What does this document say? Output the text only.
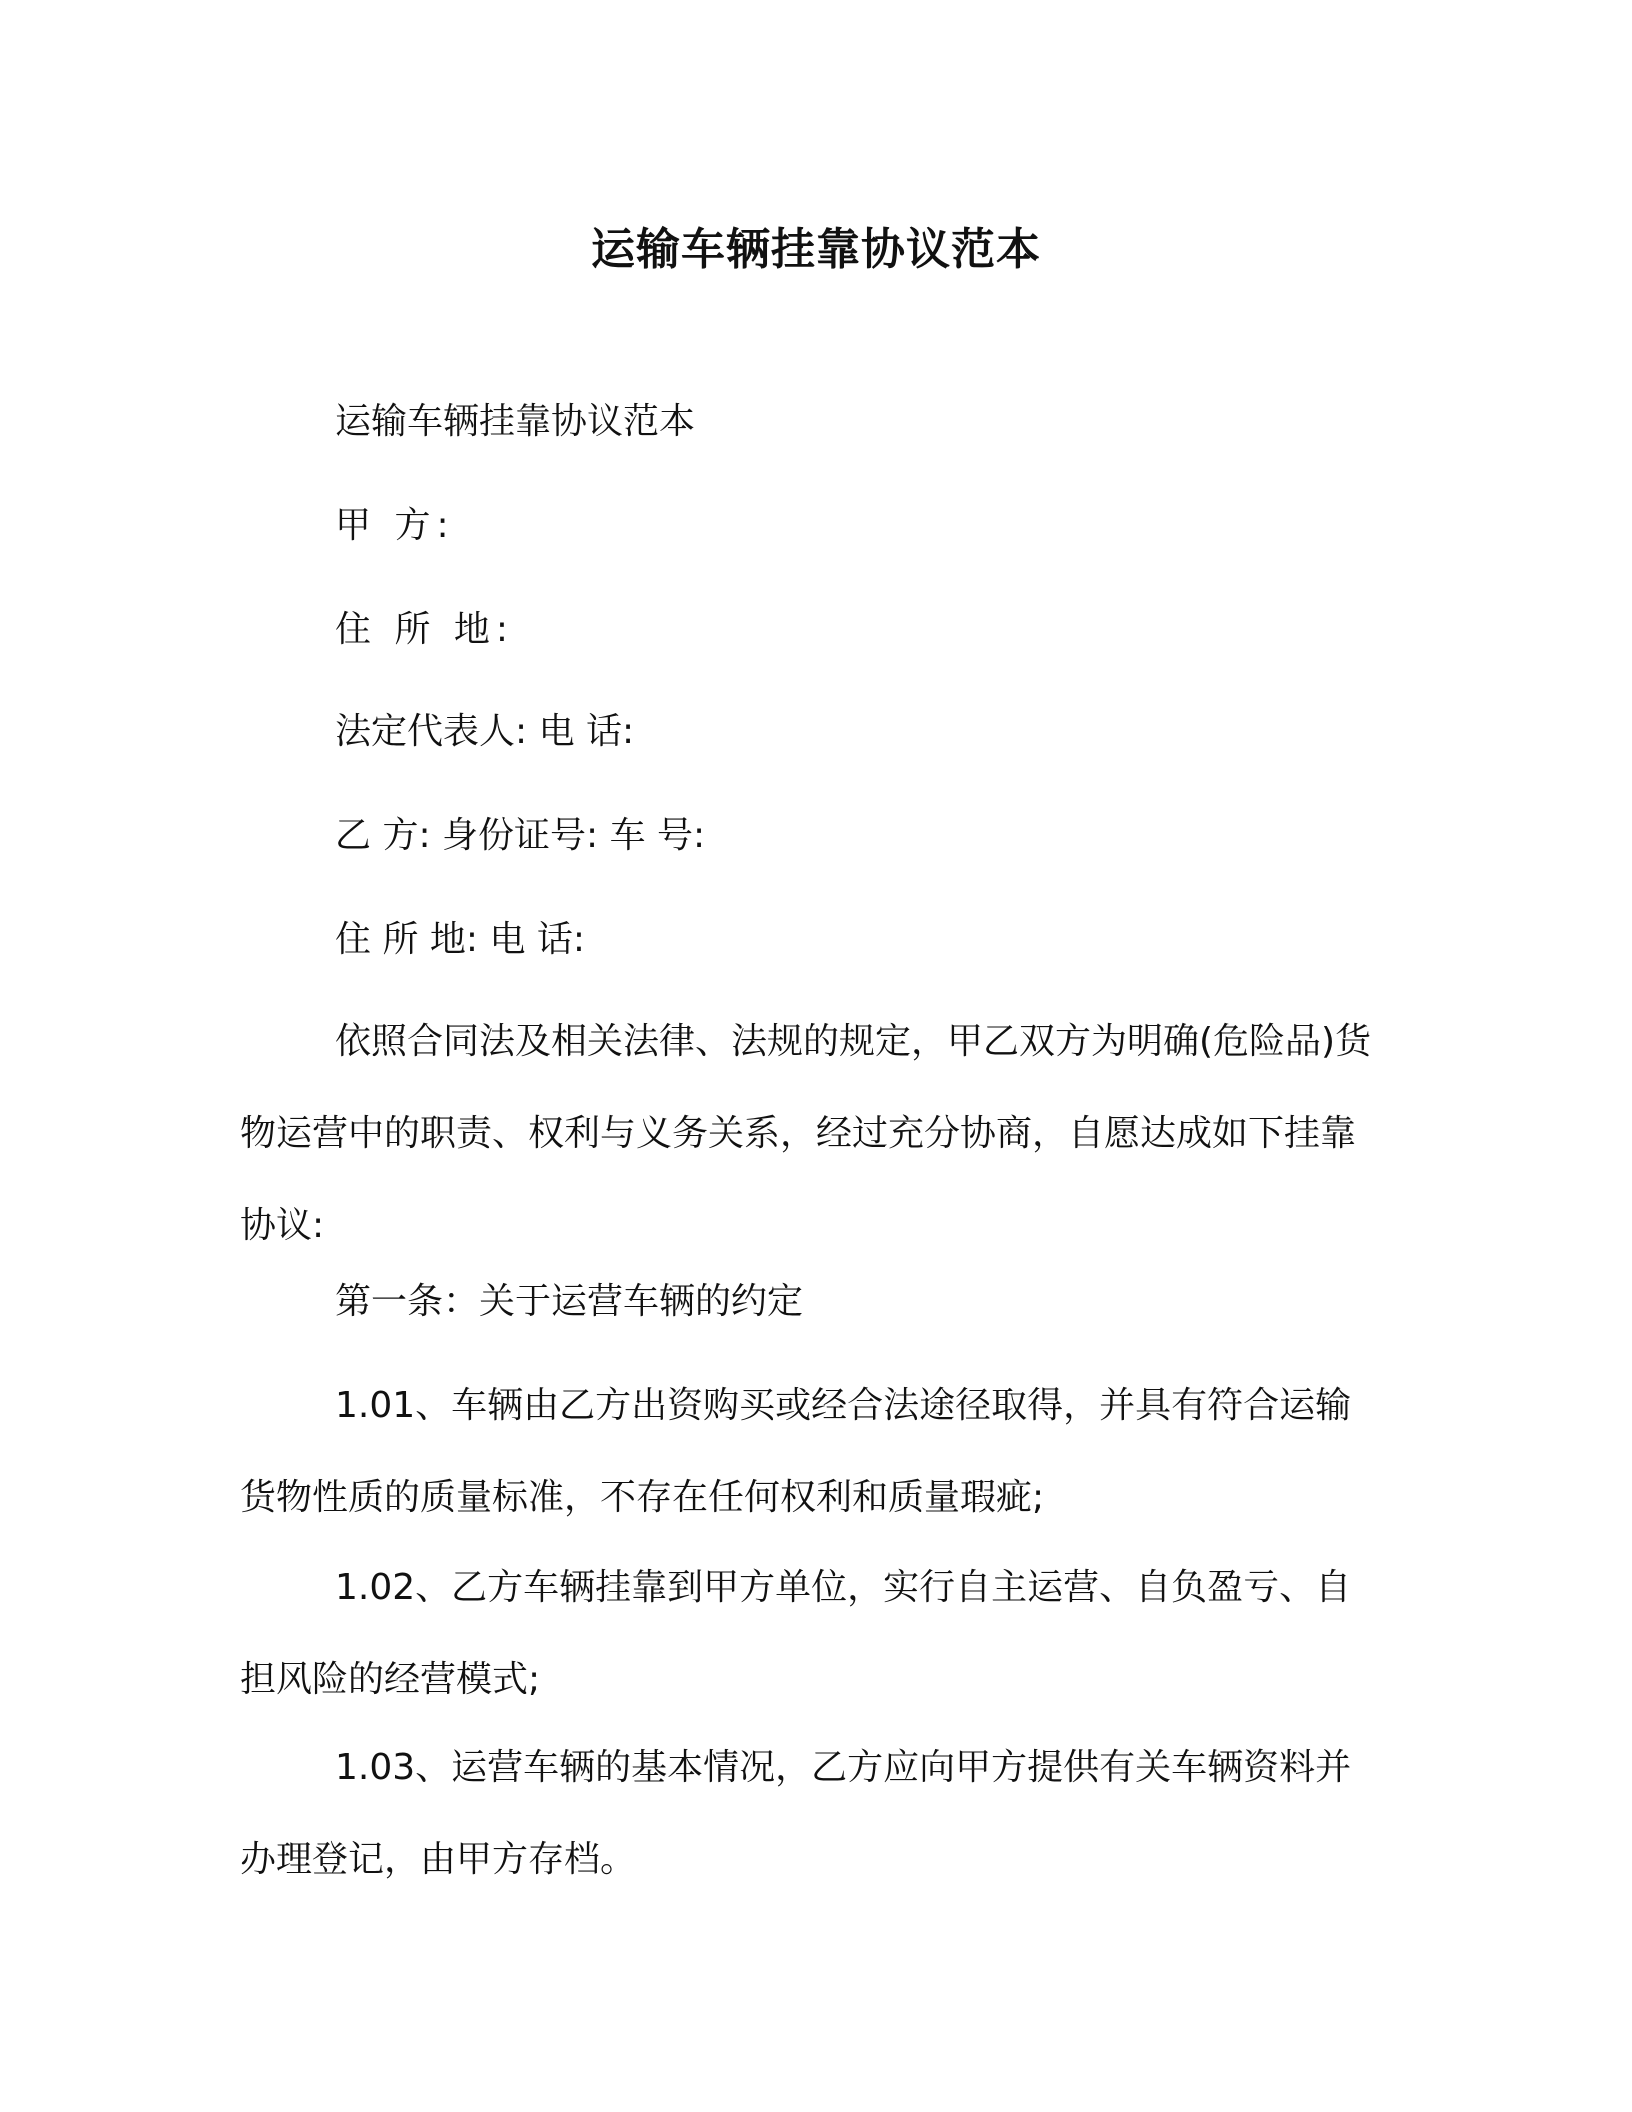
运输车辆挂靠协议范本

运输车辆挂靠协议范本

甲 方:

住 所 地:

法定代表人: 电 话:

乙 方: 身份证号: 车 号:

住 所 地: 电 话:

依照合同法及相关法律、法规的规定，甲乙双方为明确(危险品)货物运营中的职责、权利与义务关系，经过充分协商，自愿达成如下挂靠协议:

第一条：关于运营车辆的约定

1.01、车辆由乙方出资购买或经合法途径取得，并具有符合运输货物性质的质量标准，不存在任何权利和质量瑕疵;

1.02、乙方车辆挂靠到甲方单位，实行自主运营、自负盈亏、自担风险的经营模式;

1.03、运营车辆的基本情况，乙方应向甲方提供有关车辆资料并办理登记，由甲方存档。
